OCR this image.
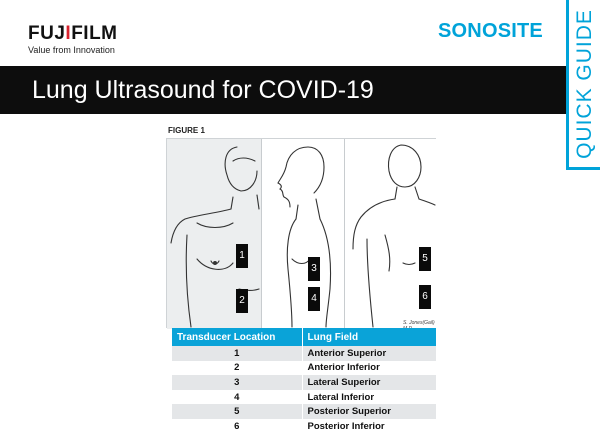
FUJIFILM
Value from Innovation
SONOSITE QUICK GUIDE
Lung Ultrasound for COVID-19
FIGURE 1
1
2
3
4
5
6
S. Jones(Gail)
Transducer Location	Lung Field
1	Anterior Superior
2	Anterior Inferior
3	Lateral Superior
4	Lateral Inferior
5	Posterior Superior
6	Posterior Inferior
